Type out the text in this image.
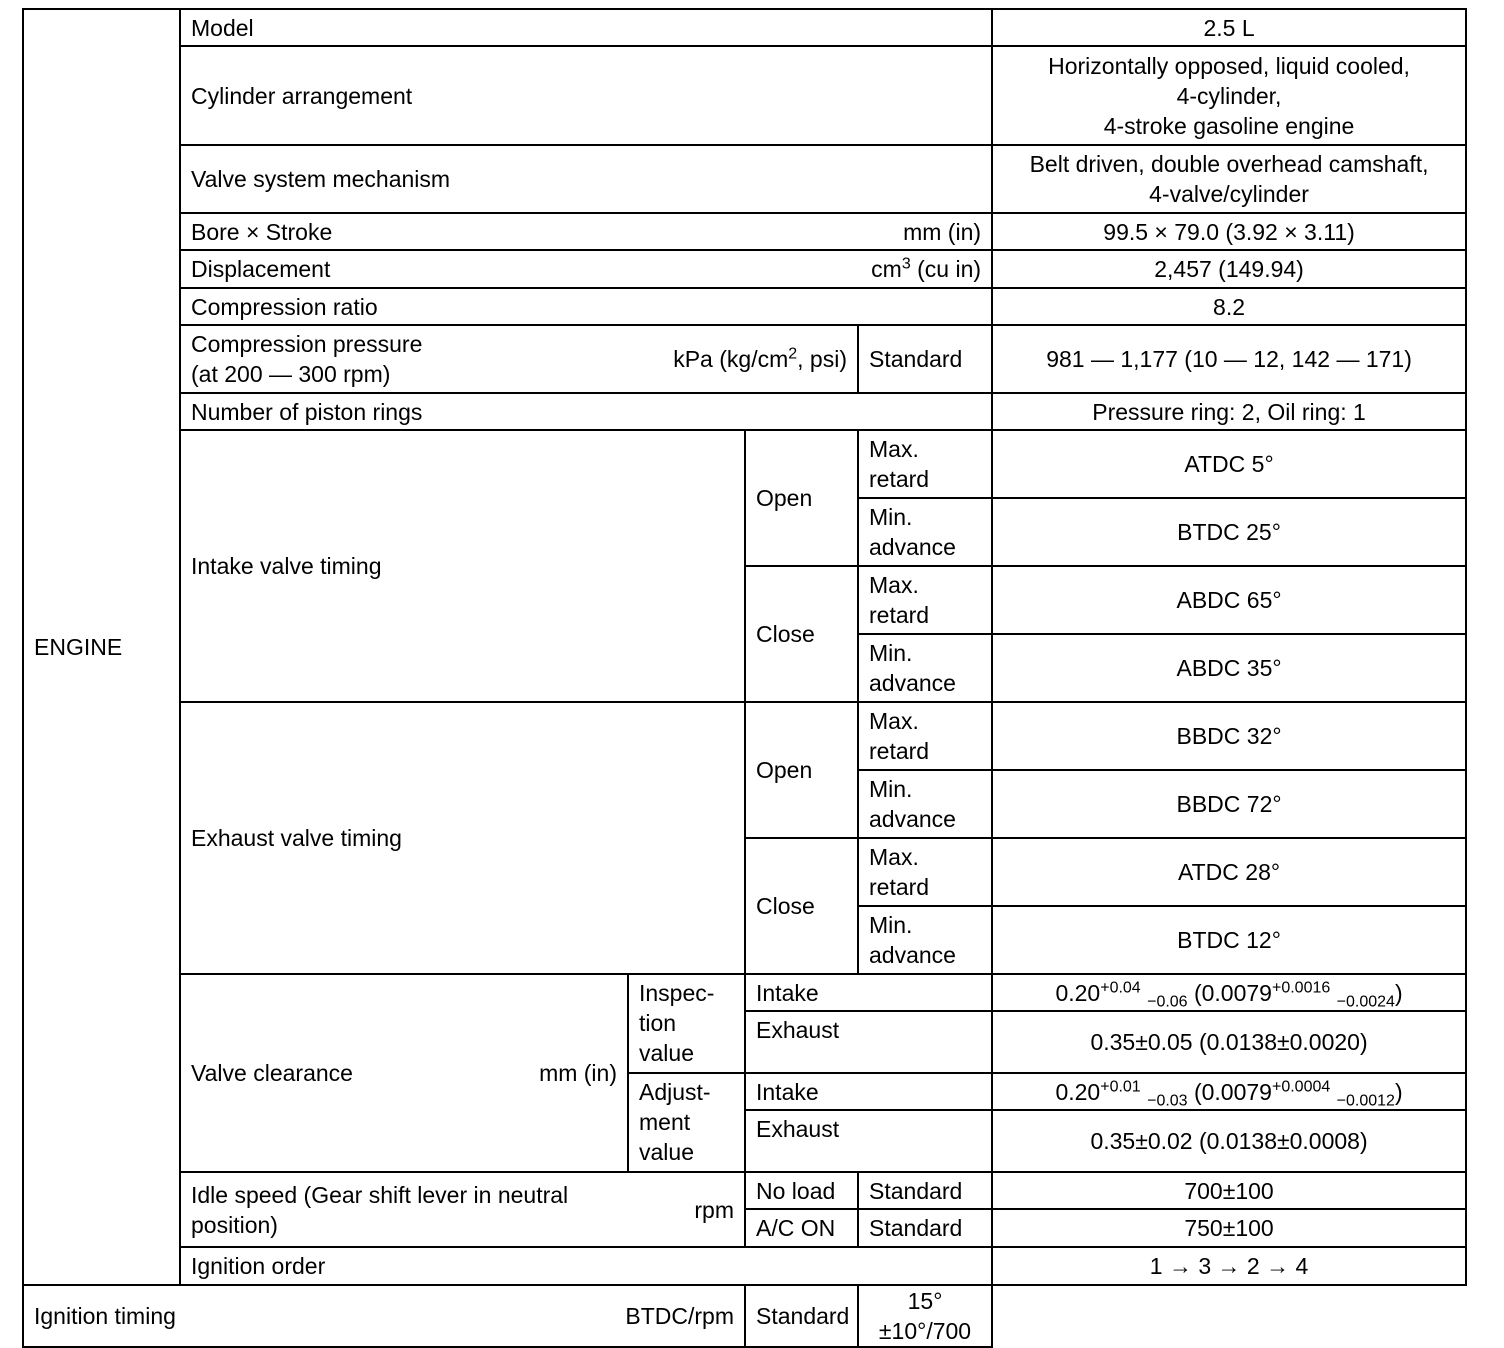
ENGINE	Model				2.5 L
	Cylinder arrangement				Horizontally opposed, liquid cooled,
4-cylinder,
4-stroke gasoline engine
	Valve system mechanism				Belt driven, double overhead camshaft,
4-valve/cylinder

	Bore × Stroke mm (in)				99.5 × 79.0 (3.92 × 3.11)

	Displacement $cm^3$ (cu in)				2,457 (149.94)
	Compression ratio				8.2

	Compression pressure
(at 200 — 300 rpm)
kPa ($kg/cm^2$, psi)			Standard	981 — 1,177 (10 — 12, 142 — 171)
	Number of piston rings				Pressure ring: 2, Oil ring: 1
	Intake valve timing		Open	Max.
retard	ATDC 5°
				Min.
advance	BTDC 25°
			Close	Max.
retard	ABDC 65°
				Min.
advance	ABDC 35°
	Exhaust valve timing		Open	Max.
retard	BBDC 32°
				Min.
advance	BBDC 72°
			Close	Max.
retard	ATDC 28°
				Min.
advance	BTDC 12°

	Valve clearance mm (in)	Inspec-
tion
value	Intake		$0.20^{+0.04}$ $_{-0.06}$ ($0.0079^{+0.0016}$ $_{-0.0024}$)
			Exhaust		0.35±0.05 (0.0138±0.0020)
		Adjust-
ment
value	Intake		$0.20^{+0.01}$ $_{-0.03}$ ($0.0079^{+0.0004}$ $_{-0.0012}$)
			Exhaust		0.35±0.02 (0.0138±0.0008)

	Idle speed (Gear shift lever in neutral
position)
rpm		No load	Standard	700±100
			A/C ON	Standard	750±100
	Ignition order				1 → 3 → 2 → 4

Ignition timing BTDC/rpm			Standard	15°±10°/700	
